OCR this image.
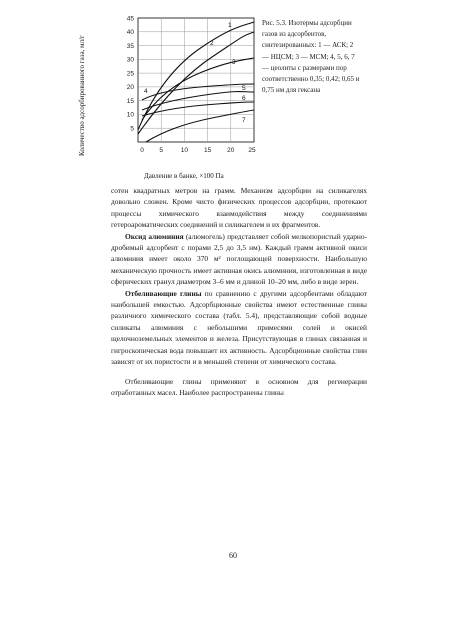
Количество адсорбированного газа, мл/г	5
10
15
20
25
30
35
40
45
0 5	10 15 20 25
1
2
3
4	5
6
7

Рис. 5.3. Изотермы адсорбции газов из адсорбентов, синтезированных: 1 — АСК; 2 — НЦСМ; 3 — МСМ; 4, 5, 6, 7 — цеолиты с размерами пор соответственно 0,35; 0,42; 0,65 и 0,75 нм для гексана

Давление в банке, ×100 Па

сотен квадратных метров на грамм. Механизм адсорбции на силикагелях довольно сложен. Кроме чисто физических процессов адсорбции, протекают процессы химического взаимодействия между соединениями гетероароматических соединений и силикагелем и их фрагментов.

Оксид алюминия (алюмогель) представляет собой мелкопористый ударно-дробимый адсорбент с порами 2,5 до 3,5 нм). Каждый грамм активной окиси алюминия имеет около 370 м² поглощающей поверхности. Наибольшую механическую прочность имеет активная окись алюминия, изготовленная в виде сферических гранул диаметром 3–6 мм и длиной 10–20 мм, либо в виде зерен.

Отбеливающие глины по сравнению с другими адсорбентами обладают наибольшей емкостью. Адсорбционные свойства имеют естественные глины различного химического состава (табл. 5.4), представляющие собой водные силикаты алюминия с небольшими примесями солей и окисей щелочноземельных элементов и железа. Присутствующая в глинах связанная и гигроскопическая вода повышает их активность. Адсорбционные свойства глин зависят от их пористости и в меньшей степени от химического состава.

Отбеливающие глины применяют в основном для регенерации отработанных масел. Наиболее распространены глины

60
